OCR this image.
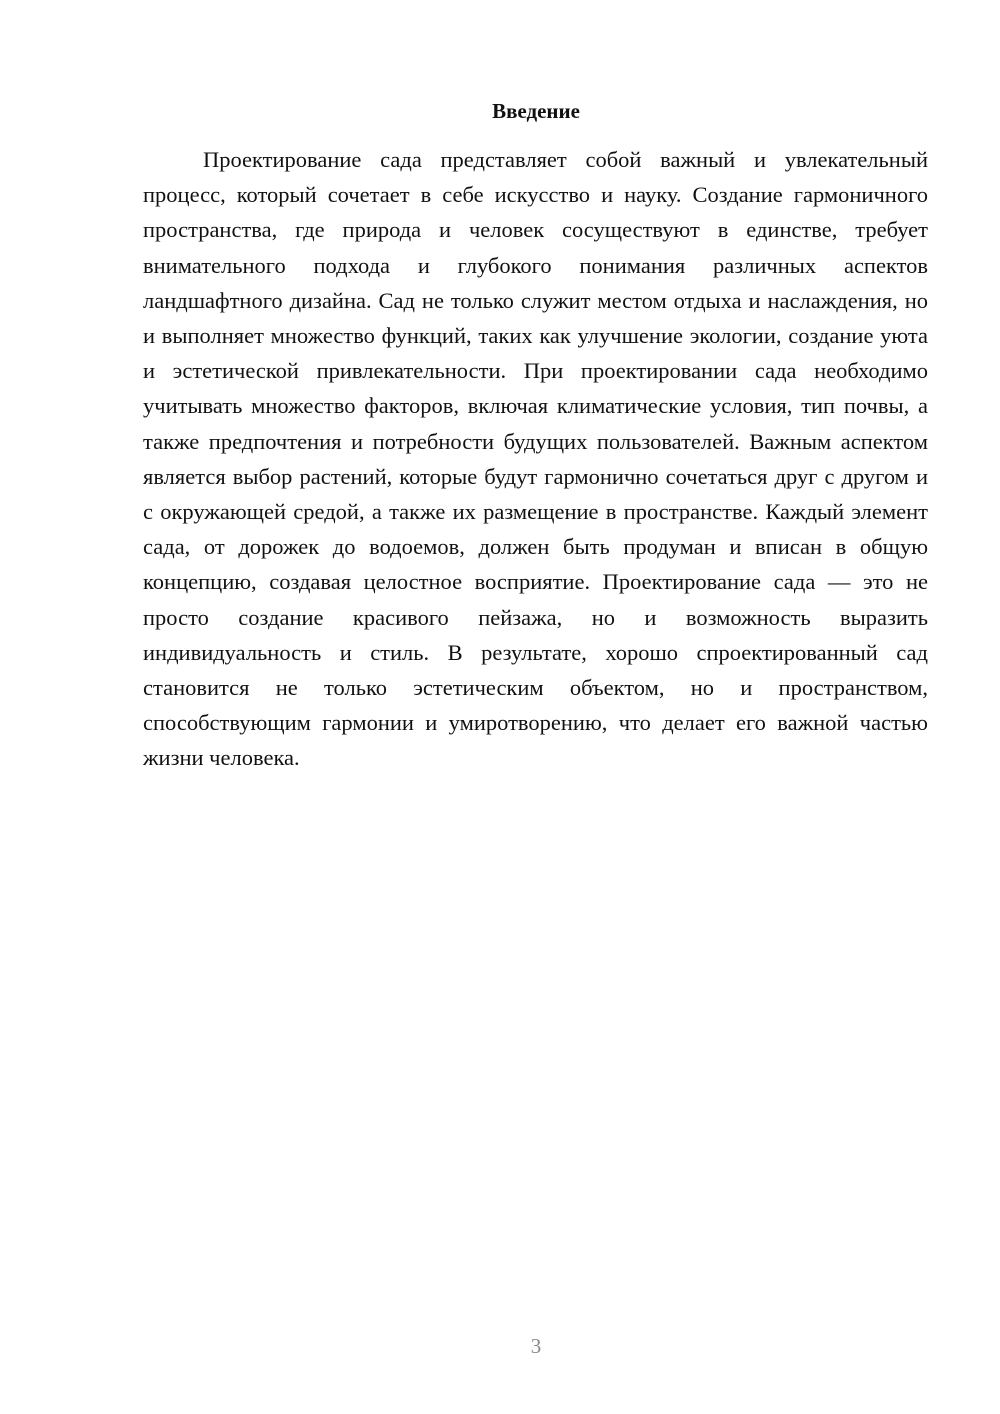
Введение

Проектирование сада представляет собой важный и увлекательный процесс, который сочетает в себе искусство и науку. Создание гармоничного пространства, где природа и человек сосуществуют в единстве, требует внимательного подхода и глубокого понимания различных аспектов ландшафтного дизайна. Сад не только служит местом отдыха и наслаждения, но и выполняет множество функций, таких как улучшение экологии, создание уюта и эстетической привлекательности. При проектировании сада необходимо учитывать множество факторов, включая климатические условия, тип почвы, а также предпочтения и потребности будущих пользователей. Важным аспектом является выбор растений, которые будут гармонично сочетаться друг с другом и с окружающей средой, а также их размещение в пространстве. Каждый элемент сада, от дорожек до водоемов, должен быть продуман и вписан в общую концепцию, создавая целостное восприятие. Проектирование сада — это не просто создание красивого пейзажа, но и возможность выразить индивидуальность и стиль. В результате, хорошо спроектированный сад становится не только эстетическим объектом, но и пространством, способствующим гармонии и умиротворению, что делает его важной частью жизни человека.

3
